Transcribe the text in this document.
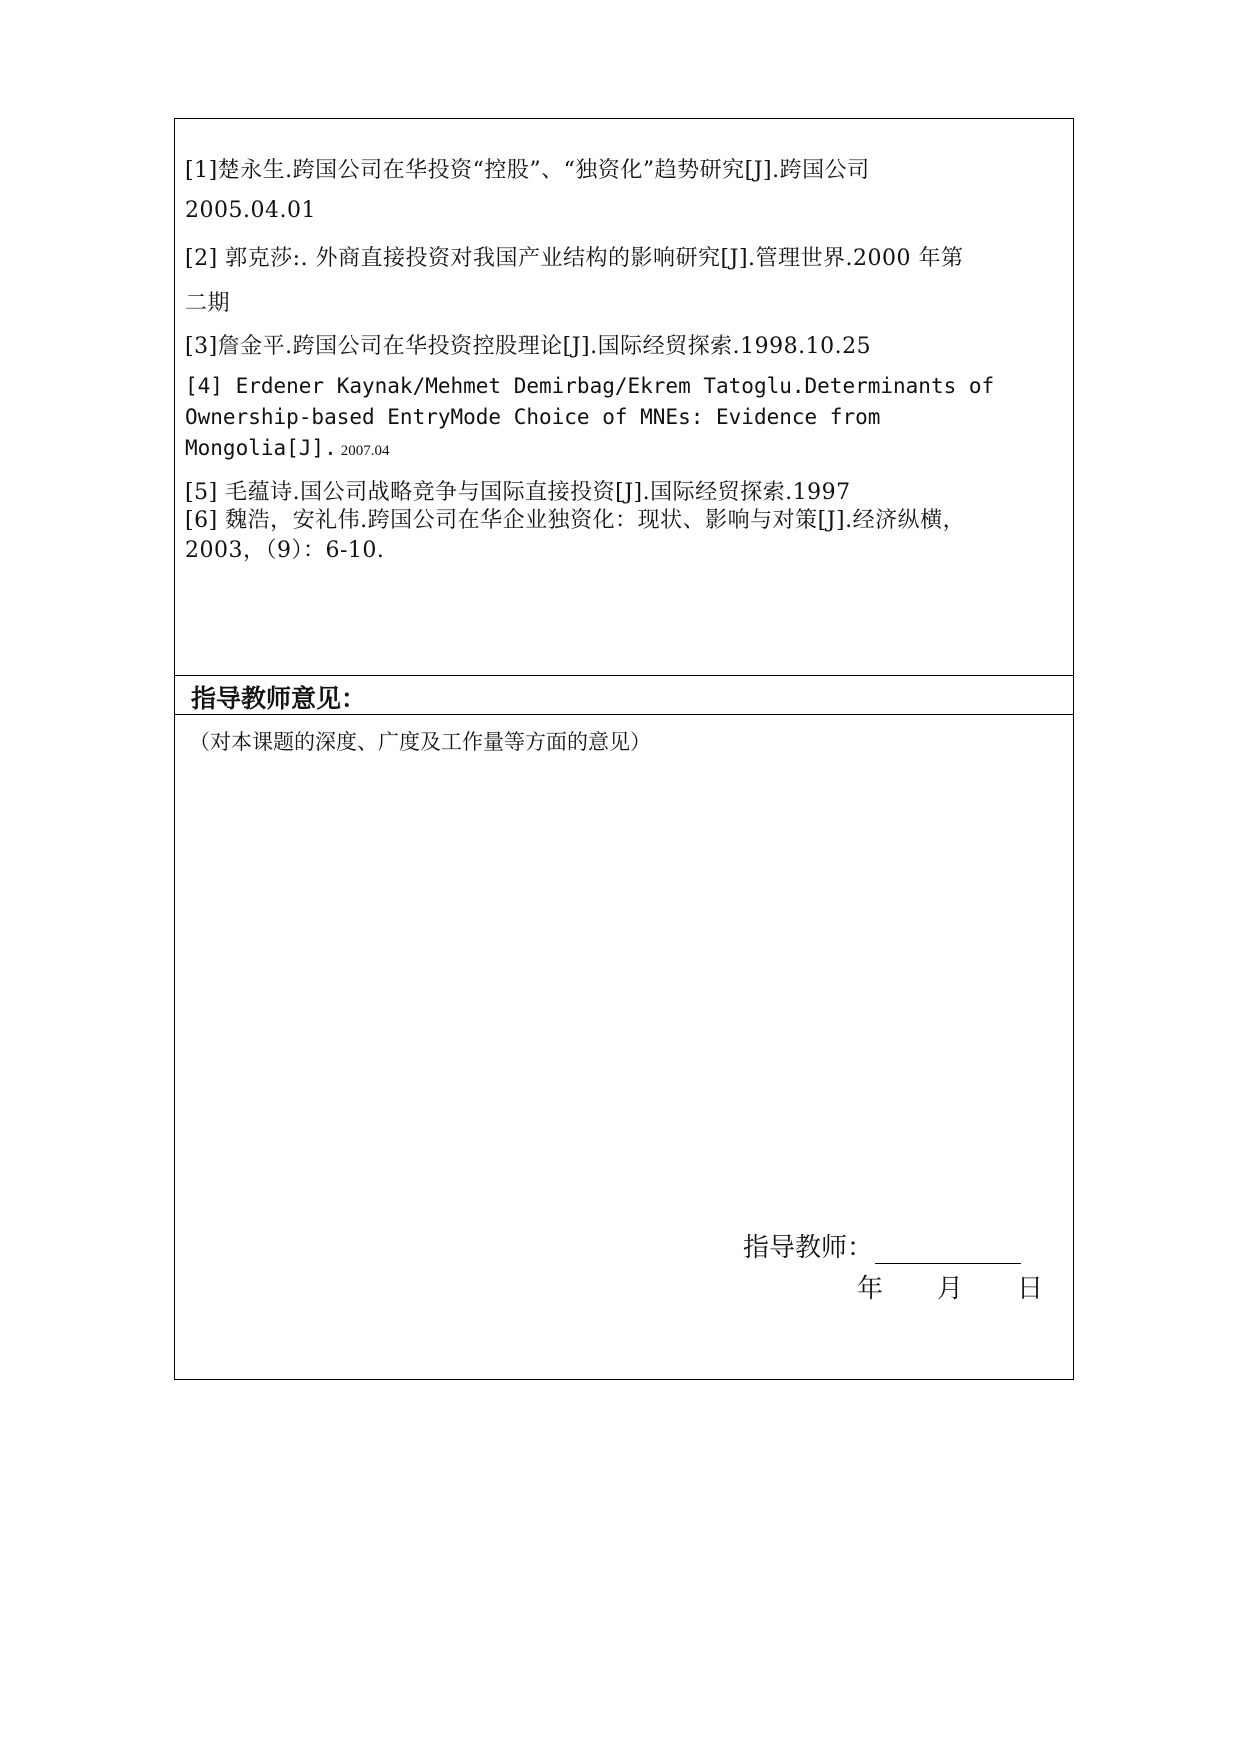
[1]楚永生.跨国公司在华投资“控股”、“独资化”趋势研究[J].跨国公司
2005.04.01
[2] 郭克莎:. 外商直接投资对我国产业结构的影响研究[J].管理世界.2000 年第
二期
[3]詹金平.跨国公司在华投资控股理论[J].国际经贸探索.1998.10.25
[4] Erdener Kaynak/Mehmet Demirbag/Ekrem Tatoglu.Determinants of
Ownership-based EntryMode Choice of MNEs: Evidence from
Mongolia[J]. 2007.04
[5] 毛蕴诗.国公司战略竞争与国际直接投资[J].国际经贸探索.1997
[6] 魏浩，安礼伟.跨国公司在华企业独资化：现状、影响与对策[J].经济纵横，
2003，（9）：6-10.
指导教师意见：
（对本课题的深度、广度及工作量等方面的意见）
指导教师：
年 月 日
